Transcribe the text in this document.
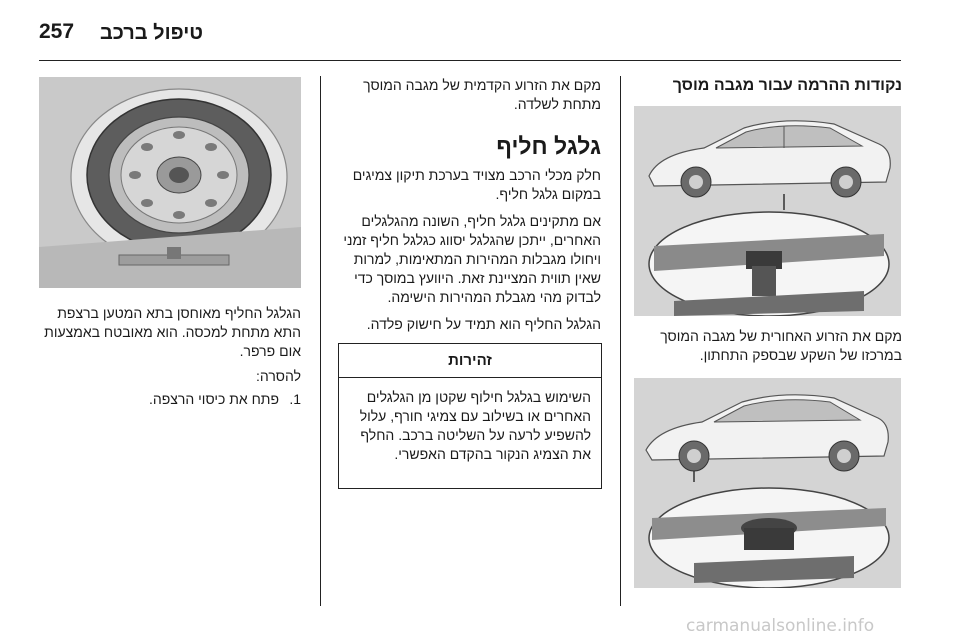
257 טיפול ברכב

נקודות ההרמה עבור מגבה מוסך

מקם את הזרוע האחורית של מגבה המוסך במרכזו של השקע שבספק התחתון.

מקם את הזרוע הקדמית של מגבה המוסך מתחת לשלדה.

גלגל חליף

חלק מכלי הרכב מצויד בערכת תיקון צמיגים במקום גלגל חליף.

אם מתקינים גלגל חליף, השונה מהגלגלים האחרים, ייתכן שהגלגל יסווג כגלגל חליף זמני ויחולו מגבלות המהירות המתאימות, למרות שאין תווית המציינת זאת. היוועץ במוסך כדי לבדוק מהי מגבלת המהירות הישימה.

הגלגל החליף הוא תמיד על חישוק פלדה.

זהירות
השימוש בגלגל חילוף שקטן מן הגלגלים האחרים או בשילוב עם צמיגי חורף, עלול להשפיע לרעה על השליטה ברכב. החלף את הצמיג הנקור בהקדם האפשרי.

הגלגל החליף מאוחסן בתא המטען ברצפת התא מתחת למכסה. הוא מאובטח באמצעות אום פרפר.

להסרה:

1.פתח את כיסוי הרצפה.
carmanualsonline.info
